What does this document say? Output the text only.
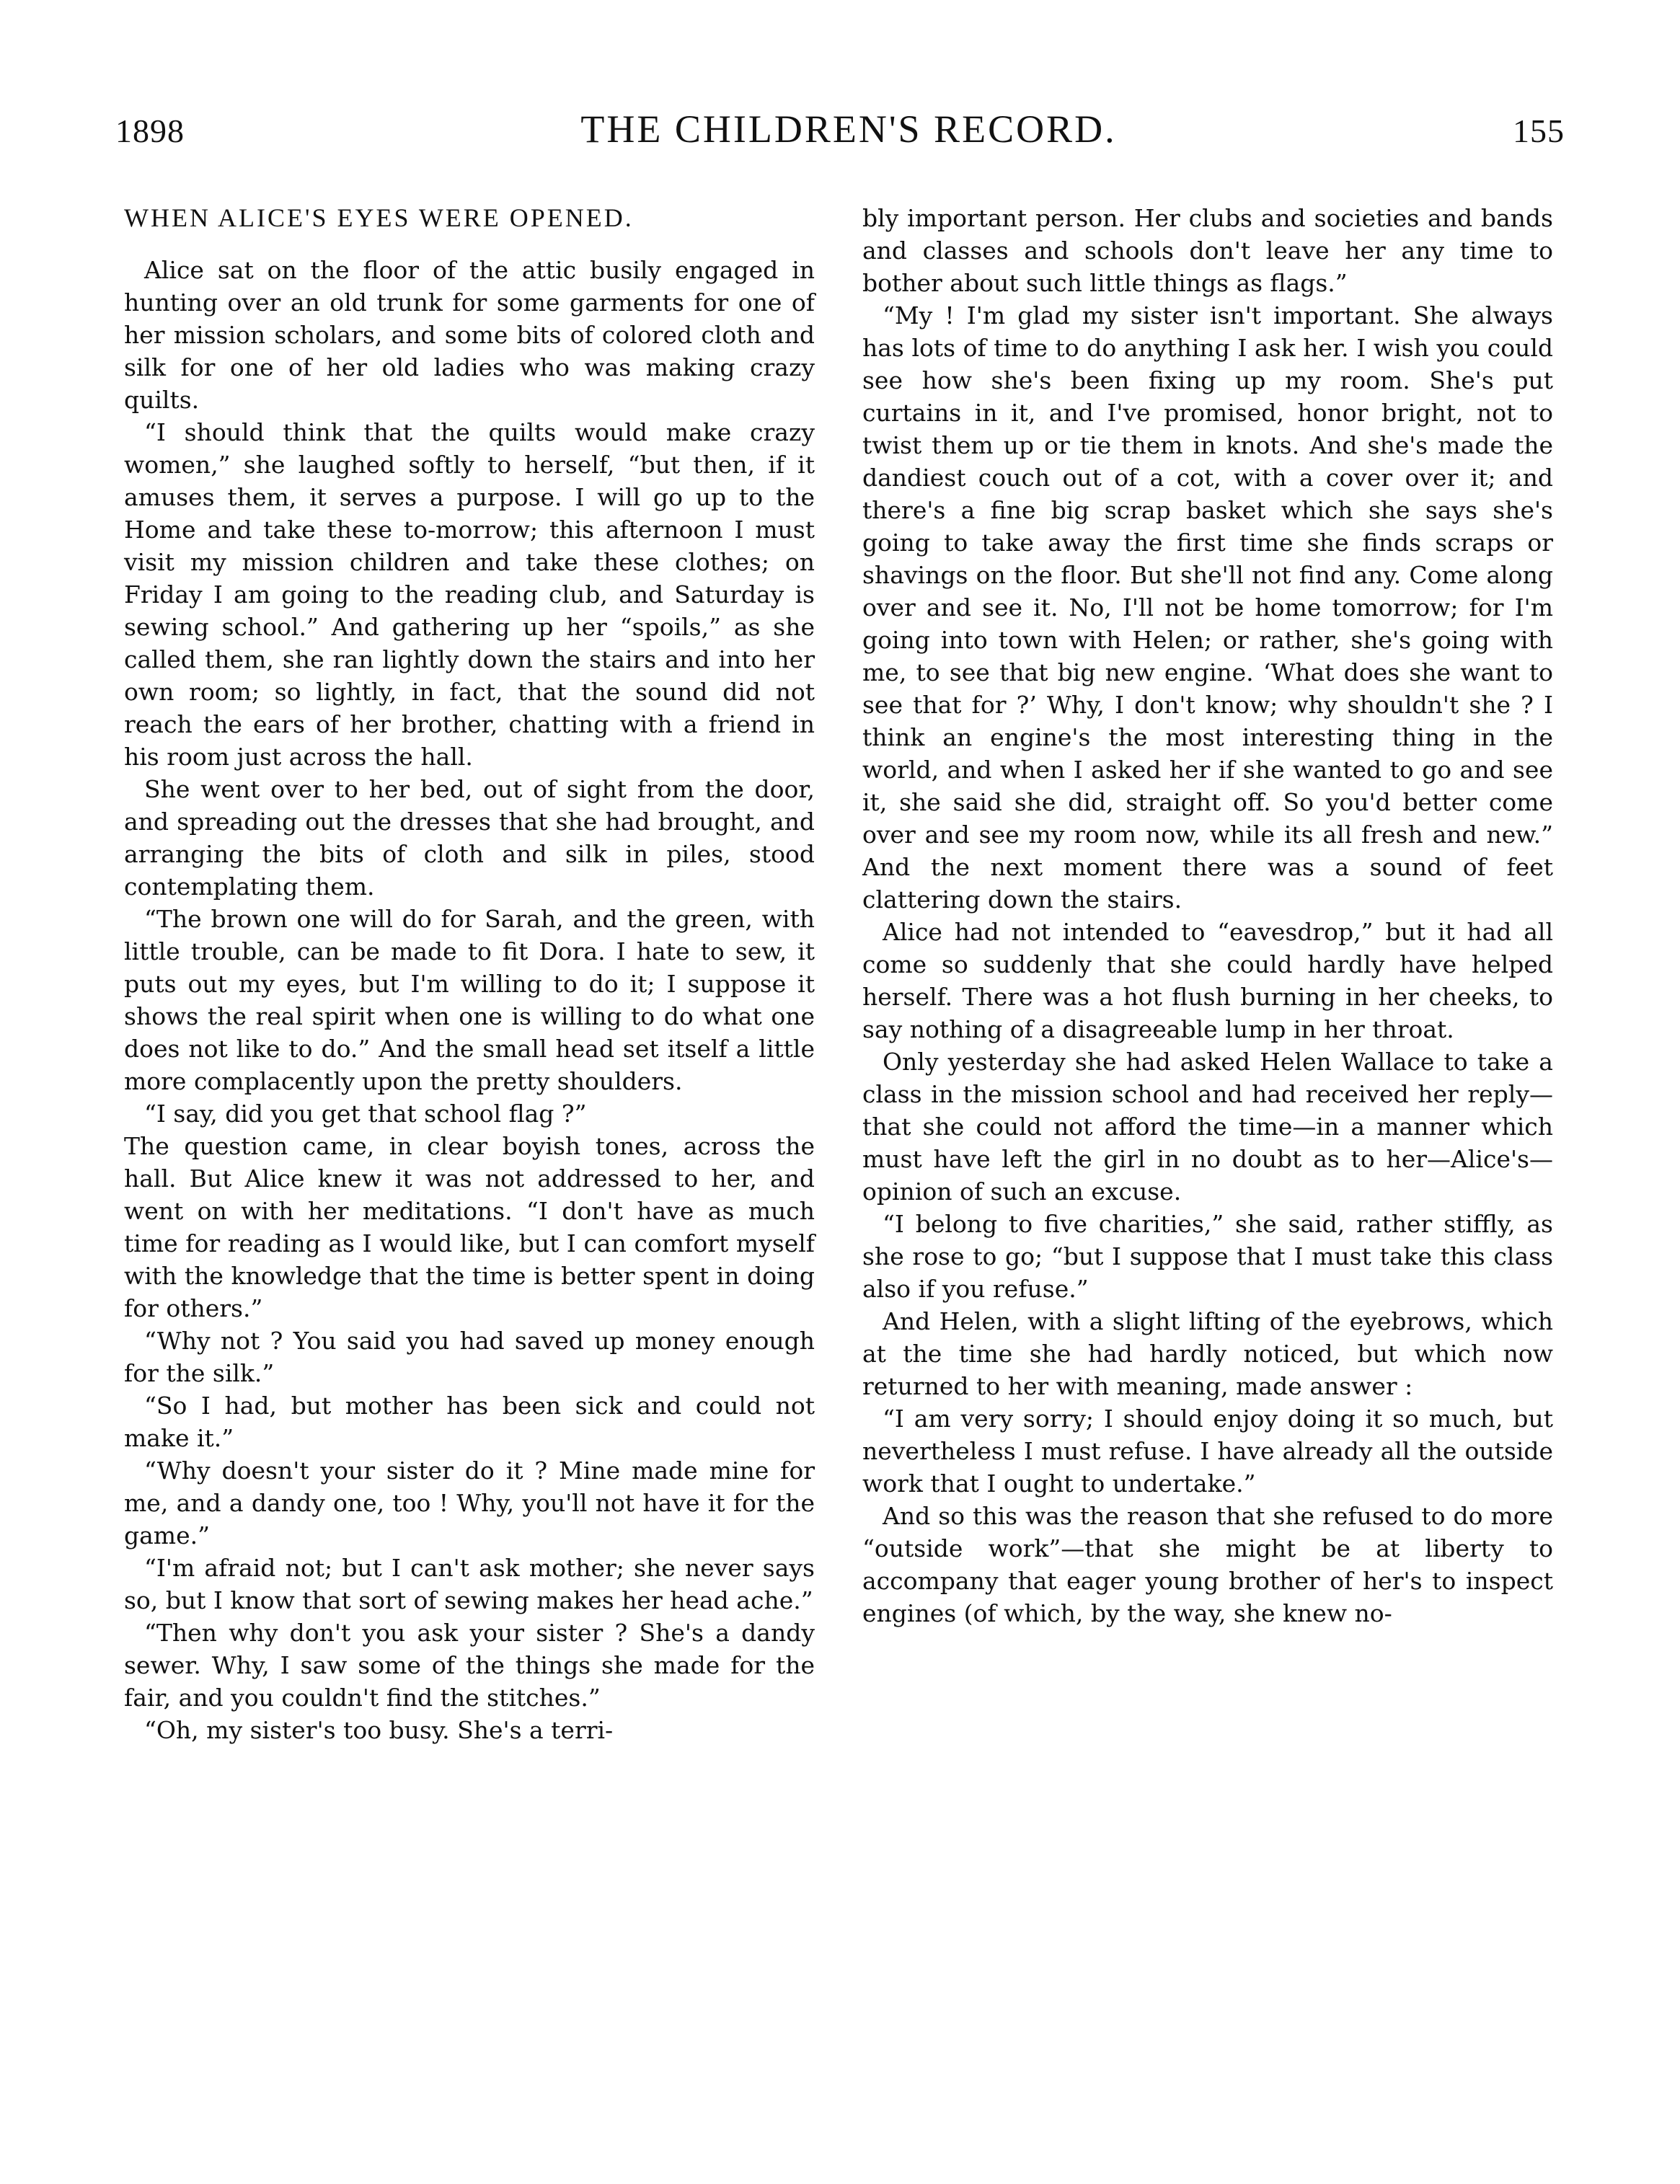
1898	THE CHILDREN'S RECORD.	155
WHEN ALICE'S EYES WERE OPENED.

Alice sat on the floor of the attic busily engaged in hunting over an old trunk for some garments for one of her mission scholars, and some bits of colored cloth and silk for one of her old ladies who was making crazy quilts.

“I should think that the quilts would make crazy women,” she laughed softly to herself, “but then, if it amuses them, it serves a purpose. I will go up to the Home and take these to-morrow; this afternoon I must visit my mission children and take these clothes; on Friday I am going to the reading club, and Saturday is sewing school.” And gathering up her “spoils,” as she called them, she ran lightly down the stairs and into her own room; so lightly, in fact, that the sound did not reach the ears of her brother, chatting with a friend in his room just across the hall.

She went over to her bed, out of sight from the door, and spreading out the dresses that she had brought, and arranging the bits of cloth and silk in piles, stood contemplating them.

“The brown one will do for Sarah, and the green, with little trouble, can be made to fit Dora. I hate to sew, it puts out my eyes, but I'm willing to do it; I suppose it shows the real spirit when one is willing to do what one does not like to do.” And the small head set itself a little more complacently upon the pretty shoulders.

“I say, did you get that school flag ?”

The question came, in clear boyish tones, across the hall. But Alice knew it was not addressed to her, and went on with her meditations. “I don't have as much time for reading as I would like, but I can comfort myself with the knowledge that the time is better spent in doing for others.”

“Why not ? You said you had saved up money enough for the silk.”

“So I had, but mother has been sick and could not make it.”

“Why doesn't your sister do it ? Mine made mine for me, and a dandy one, too ! Why, you'll not have it for the game.”

“I'm afraid not; but I can't ask mother; she never says so, but I know that sort of sewing makes her head ache.”

“Then why don't you ask your sister ? She's a dandy sewer. Why, I saw some of the things she made for the fair, and you couldn't find the stitches.”

“Oh, my sister's too busy. She's a terri-

bly important person. Her clubs and societies and bands and classes and schools don't leave her any time to bother about such little things as flags.”

“My ! I'm glad my sister isn't important. She always has lots of time to do anything I ask her. I wish you could see how she's been fixing up my room. She's put curtains in it, and I've promised, honor bright, not to twist them up or tie them in knots. And she's made the dandiest couch out of a cot, with a cover over it; and there's a fine big scrap basket which she says she's going to take away the first time she finds scraps or shavings on the floor. But she'll not find any. Come along over and see it. No, I'll not be home tomorrow; for I'm going into town with Helen; or rather, she's going with me, to see that big new engine. ‘What does she want to see that for ?’ Why, I don't know; why shouldn't she ? I think an engine's the most interesting thing in the world, and when I asked her if she wanted to go and see it, she said she did, straight off. So you'd better come over and see my room now, while its all fresh and new.” And the next moment there was a sound of feet clattering down the stairs.

Alice had not intended to “eavesdrop,” but it had all come so suddenly that she could hardly have helped herself. There was a hot flush burning in her cheeks, to say nothing of a disagreeable lump in her throat.

Only yesterday she had asked Helen Wallace to take a class in the mission school and had received her reply—that she could not afford the time—in a manner which must have left the girl in no doubt as to her—Alice's—opinion of such an excuse.

“I belong to five charities,” she said, rather stiffly, as she rose to go; “but I suppose that I must take this class also if you refuse.”

And Helen, with a slight lifting of the eyebrows, which at the time she had hardly noticed, but which now returned to her with meaning, made answer :

“I am very sorry; I should enjoy doing it so much, but nevertheless I must refuse. I have already all the outside work that I ought to undertake.”

And so this was the reason that she refused to do more “outside work”—that she might be at liberty to accompany that eager young brother of her's to inspect engines (of which, by the way, she knew no-
